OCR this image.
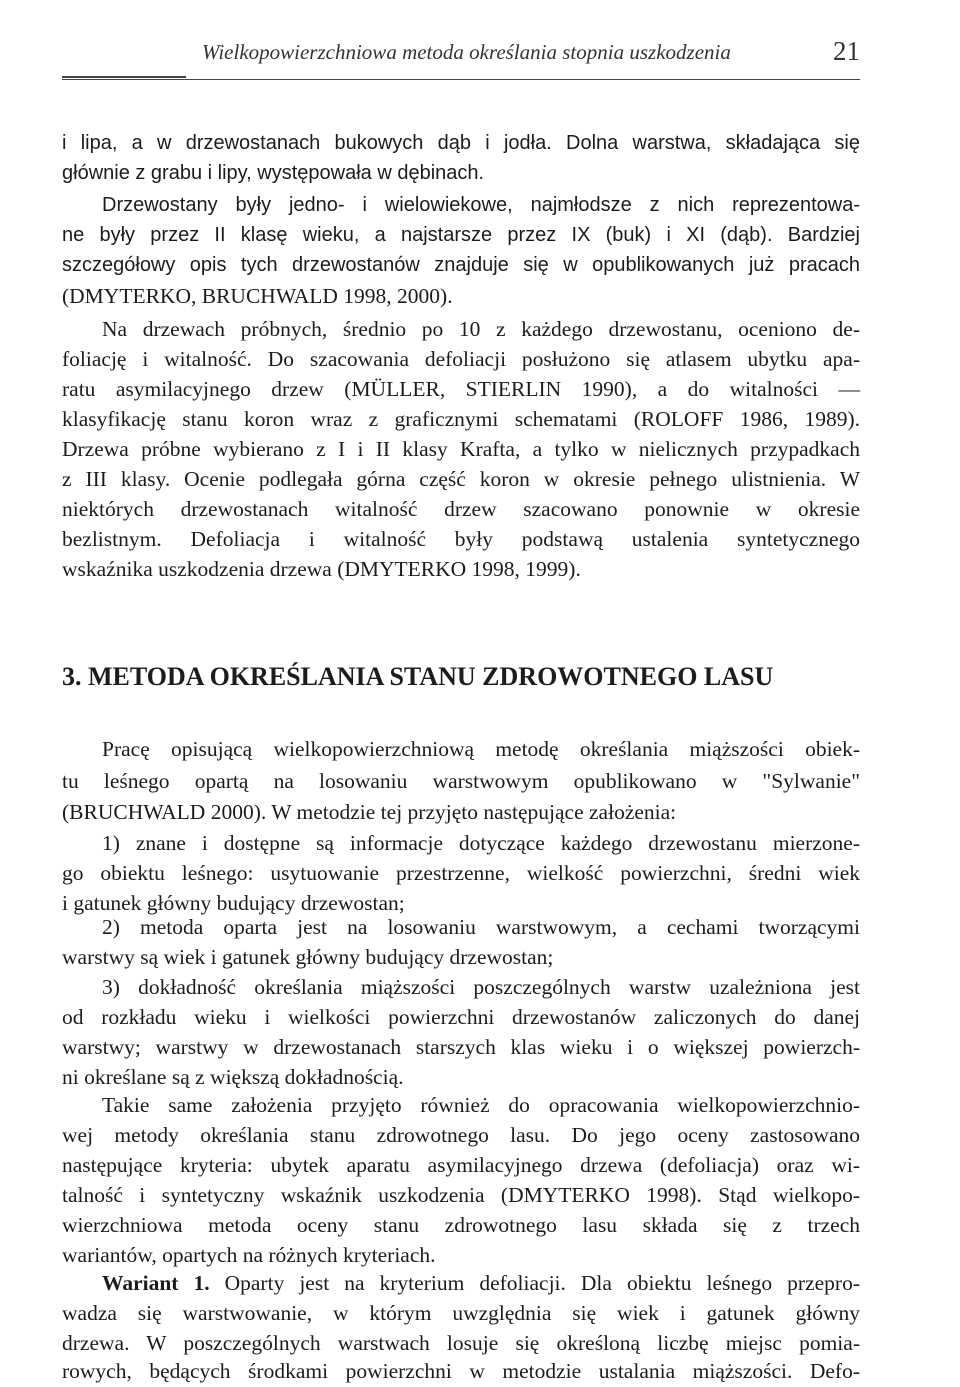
Wielkopowierzchniowa metoda określania stopnia uszkodzenia	21
i lipa, a w drzewostanach bukowych dąb i jodła. Dolna warstwa, składająca się
głównie z grabu i lipy, występowała w dębinach.
Drzewostany były jedno- i wielowiekowe, najmłodsze z nich reprezentowa-
ne były przez II klasę wieku, a najstarsze przez IX (buk) i XI (dąb). Bardziej
szczegółowy opis tych drzewostanów znajduje się w opublikowanych już pracach
(DMYTERKO, BRUCHWALD 1998, 2000).
Na drzewach próbnych, średnio po 10 z każdego drzewostanu, oceniono de-
foliację i witalność. Do szacowania defoliacji posłużono się atlasem ubytku apa-
ratu asymilacyjnego drzew (MÜLLER, STIERLIN 1990), a do witalności —
klasyfikację stanu koron wraz z graficznymi schematami (ROLOFF 1986, 1989).
Drzewa próbne wybierano z I i II klasy Krafta, a tylko w nielicznych przypadkach
z III klasy. Ocenie podlegała górna część koron w okresie pełnego ulistnienia. W
niektórych drzewostanach witalność drzew szacowano ponownie w okresie
bezlistnym. Defoliacja i witalność były podstawą ustalenia syntetycznego
wskaźnika uszkodzenia drzewa (DMYTERKO 1998, 1999).
3. METODA OKREŚLANIA STANU ZDROWOTNEGO LASU
Pracę opisującą wielkopowierzchniową metodę określania miąższości obiek-
tu leśnego opartą na losowaniu warstwowym opublikowano w "Sylwanie"
(BRUCHWALD 2000). W metodzie tej przyjęto następujące założenia:
1) znane i dostępne są informacje dotyczące każdego drzewostanu mierzone-
go obiektu leśnego: usytuowanie przestrzenne, wielkość powierzchni, średni wiek
i gatunek główny budujący drzewostan;
2) metoda oparta jest na losowaniu warstwowym, a cechami tworzącymi
warstwy są wiek i gatunek główny budujący drzewostan;
3) dokładność określania miąższości poszczególnych warstw uzależniona jest
od rozkładu wieku i wielkości powierzchni drzewostanów zaliczonych do danej
warstwy; warstwy w drzewostanach starszych klas wieku i o większej powierzch-
ni określane są z większą dokładnością.
Takie same założenia przyjęto również do opracowania wielkopowierzchnio-
wej metody określania stanu zdrowotnego lasu. Do jego oceny zastosowano
następujące kryteria: ubytek aparatu asymilacyjnego drzewa (defoliacja) oraz wi-
talność i syntetyczny wskaźnik uszkodzenia (DMYTERKO 1998). Stąd wielkopo-
wierzchniowa metoda oceny stanu zdrowotnego lasu składa się z trzech
wariantów, opartych na różnych kryteriach.
Wariant 1. Oparty jest na kryterium defoliacji. Dla obiektu leśnego przepro-
wadza się warstwowanie, w którym uwzględnia się wiek i gatunek główny
drzewa. W poszczególnych warstwach losuje się określoną liczbę miejsc pomia-
rowych, będących środkami powierzchni w metodzie ustalania miąższości. Defo-
